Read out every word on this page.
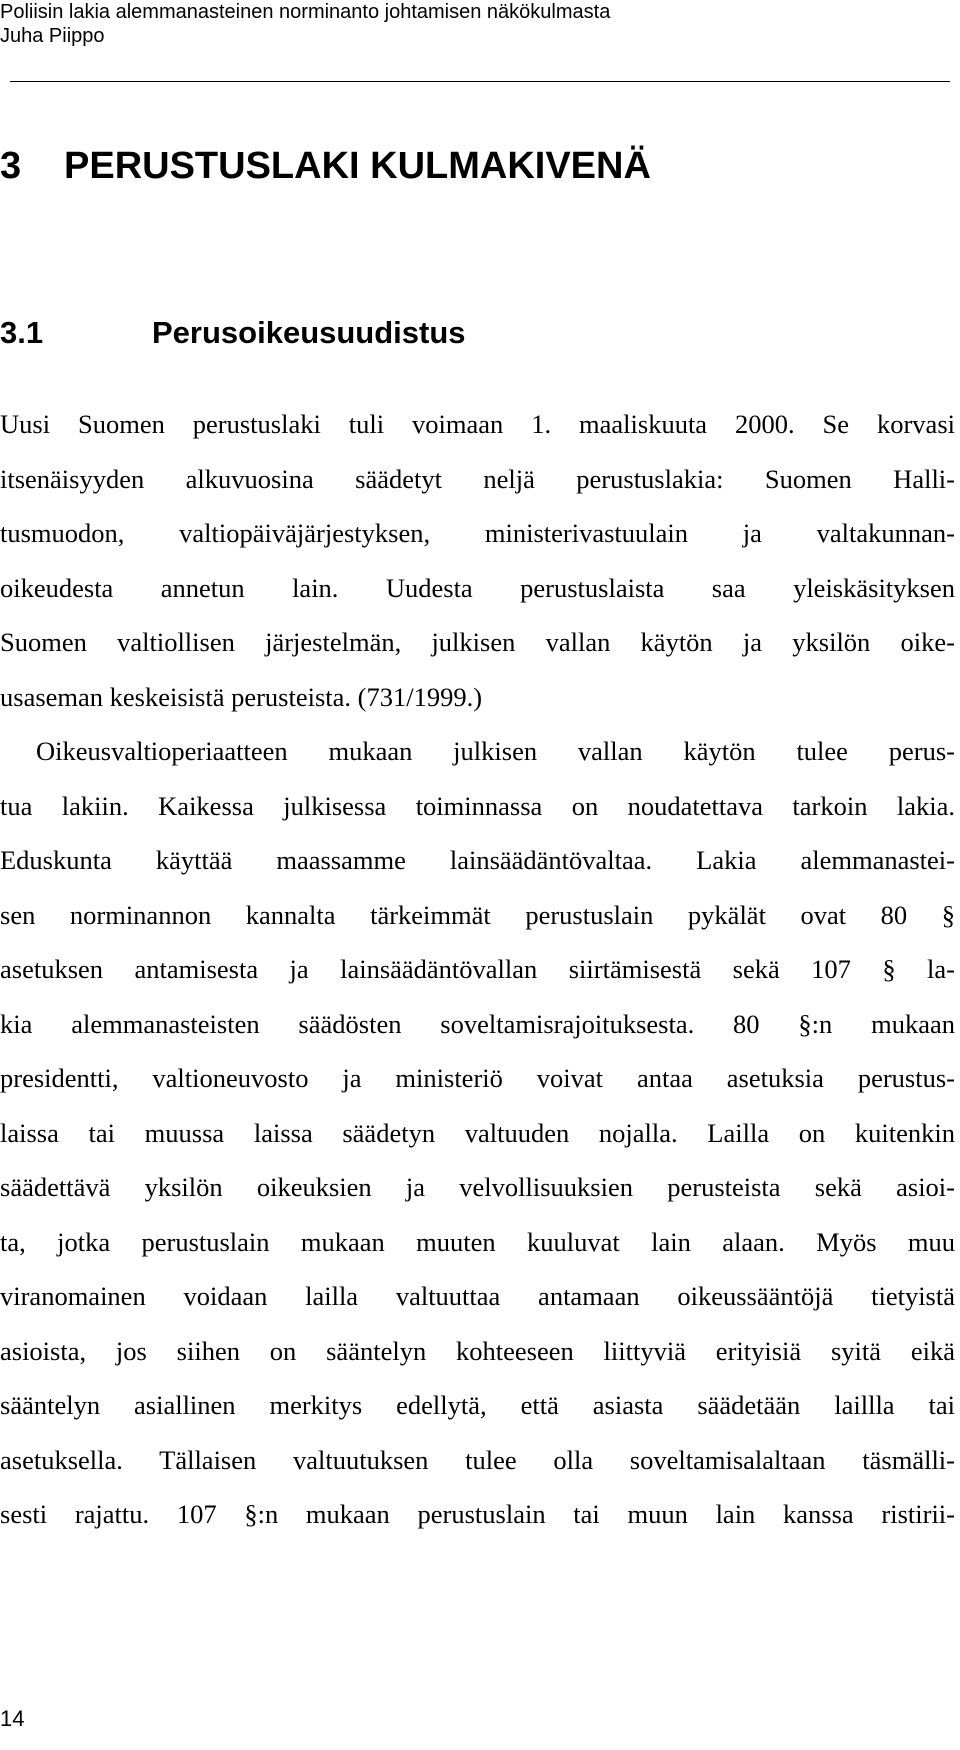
Poliisin lakia alemmanasteinen norminanto johtamisen näkökulmasta
Juha Piippo
3 PERUSTUSLAKI KULMAKIVENÄ
3.1	Perusoikeusuudistus
Uusi Suomen perustuslaki tuli voimaan 1. maaliskuuta 2000. Se korvasi
itsenäisyyden alkuvuosina säädetyt neljä perustuslakia: Suomen Halli-
tusmuodon, valtiopäiväjärjestyksen, ministerivastuulain ja valtakunnan-
oikeudesta annetun lain. Uudesta perustuslaista saa yleiskäsityksen
Suomen valtiollisen järjestelmän, julkisen vallan käytön ja yksilön oike-
usaseman keskeisistä perusteista. (731/1999.)
Oikeusvaltioperiaatteen mukaan julkisen vallan käytön tulee perus-
tua lakiin. Kaikessa julkisessa toiminnassa on noudatettava tarkoin lakia.
Eduskunta käyttää maassamme lainsäädäntövaltaa. Lakia alemmanastei-
sen norminannon kannalta tärkeimmät perustuslain pykälät ovat 80 §
asetuksen antamisesta ja lainsäädäntövallan siirtämisestä sekä 107 § la-
kia alemmanasteisten säädösten soveltamisrajoituksesta. 80 §:n mukaan
presidentti, valtioneuvosto ja ministeriö voivat antaa asetuksia perustus-
laissa tai muussa laissa säädetyn valtuuden nojalla. Lailla on kuitenkin
säädettävä yksilön oikeuksien ja velvollisuuksien perusteista sekä asioi-
ta, jotka perustuslain mukaan muuten kuuluvat lain alaan. Myös muu
viranomainen voidaan lailla valtuuttaa antamaan oikeussääntöjä tietyistä
asioista, jos siihen on sääntelyn kohteeseen liittyviä erityisiä syitä eikä
sääntelyn asiallinen merkitys edellytä, että asiasta säädetään laillla tai
asetuksella. Tällaisen valtuutuksen tulee olla soveltamisalaltaan täsmälli-
sesti rajattu. 107 §:n mukaan perustuslain tai muun lain kanssa ristirii-
14
